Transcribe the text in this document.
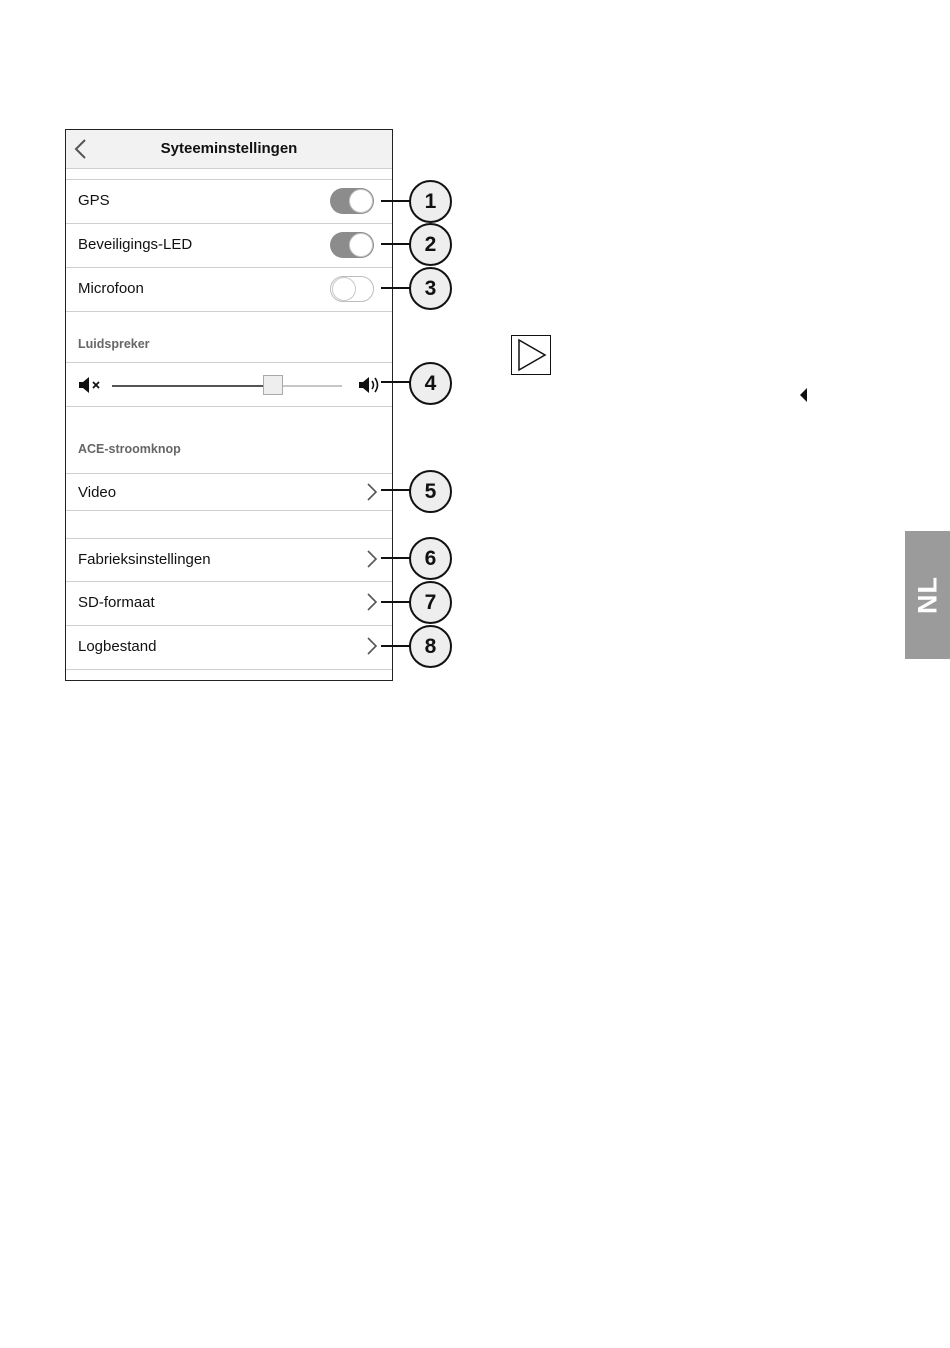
Syteeminstellingen
GPS
Beveiligings-LED
Microfoon
Luidspreker
ACE-stroomknop
Video
Fabrieksinstellingen
SD-formaat
Logbestand
1
2
3
4
5
6
7
8
NL
